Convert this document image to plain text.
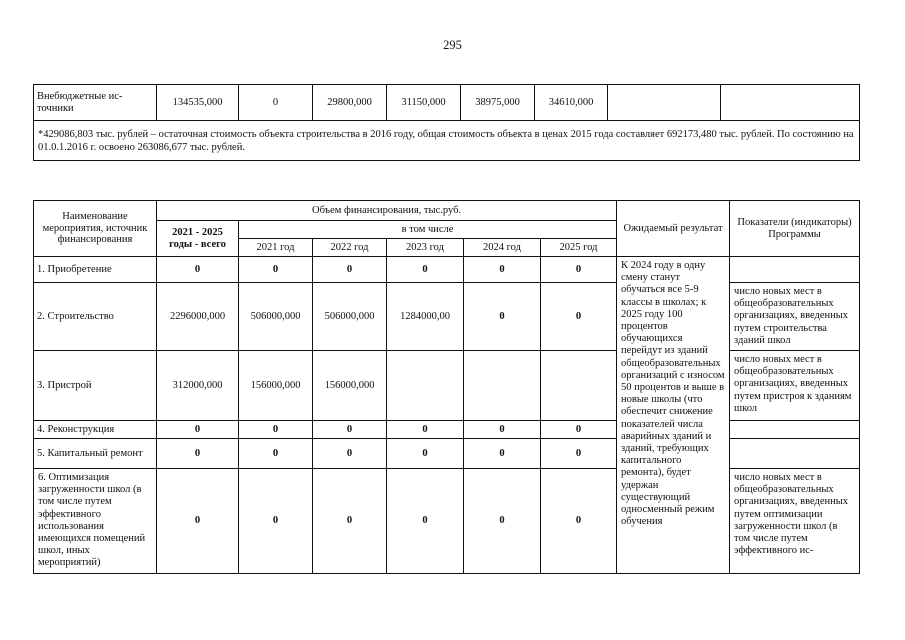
295
Внебюджетные ис-точники	134535,000	0	29800,000	31150,000	38975,000	34610,000		
*429086,803 тыс. рублей – остаточная стоимость объекта строительства в 2016 году, общая стоимость объекта в ценах 2015 года составляет 692173,480 тыс. рублей. По состоянию на 01.0.1.2016 г. освоено 263086,677 тыс. рублей.
Наименование мероприятия, источник финансирования	Объем финансирования, тыс.руб.						Ожидаемый результат	Показатели (индикаторы) Программы
	2021 - 2025 годы - всего	в том числе						
		2021 год	2022 год	2023 год	2024 год	2025 год		
1. Приобретение	0	0	0	0	0	0	К 2024 году в одну смену станут обучаться все 5-9 классы в школах; к 2025 году 100 процентов обучающихся перейдут из зданий общеобразовательных организаций с износом 50 процентов и выше в новые школы (что обеспечит снижение показателей числа аварийных зданий и зданий, требующих капитального ремонта), будет удержан существующий односменный режим обучения	
2. Строительство	2296000,000	506000,000	506000,000	1284000,00	0	0		число новых мест в общеобразовательных организациях, введенных путем строительства зданий школ
3. Пристрой	312000,000	156000,000	156000,000					число новых мест в общеобразовательных организациях, введенных путем пристроя к зданиям школ
4. Реконструкция	0	0	0	0	0	0		
5. Капитальный ремонт	0	0	0	0	0	0		
6. Оптимизация загруженности школ (в том числе путем эффективного использования имеющихся помещений школ, иных мероприятий)	0	0	0	0	0	0		число новых мест в общеобразовательных организациях, введенных путем оптимизации загруженности школ (в том числе путем эффективного ис-
